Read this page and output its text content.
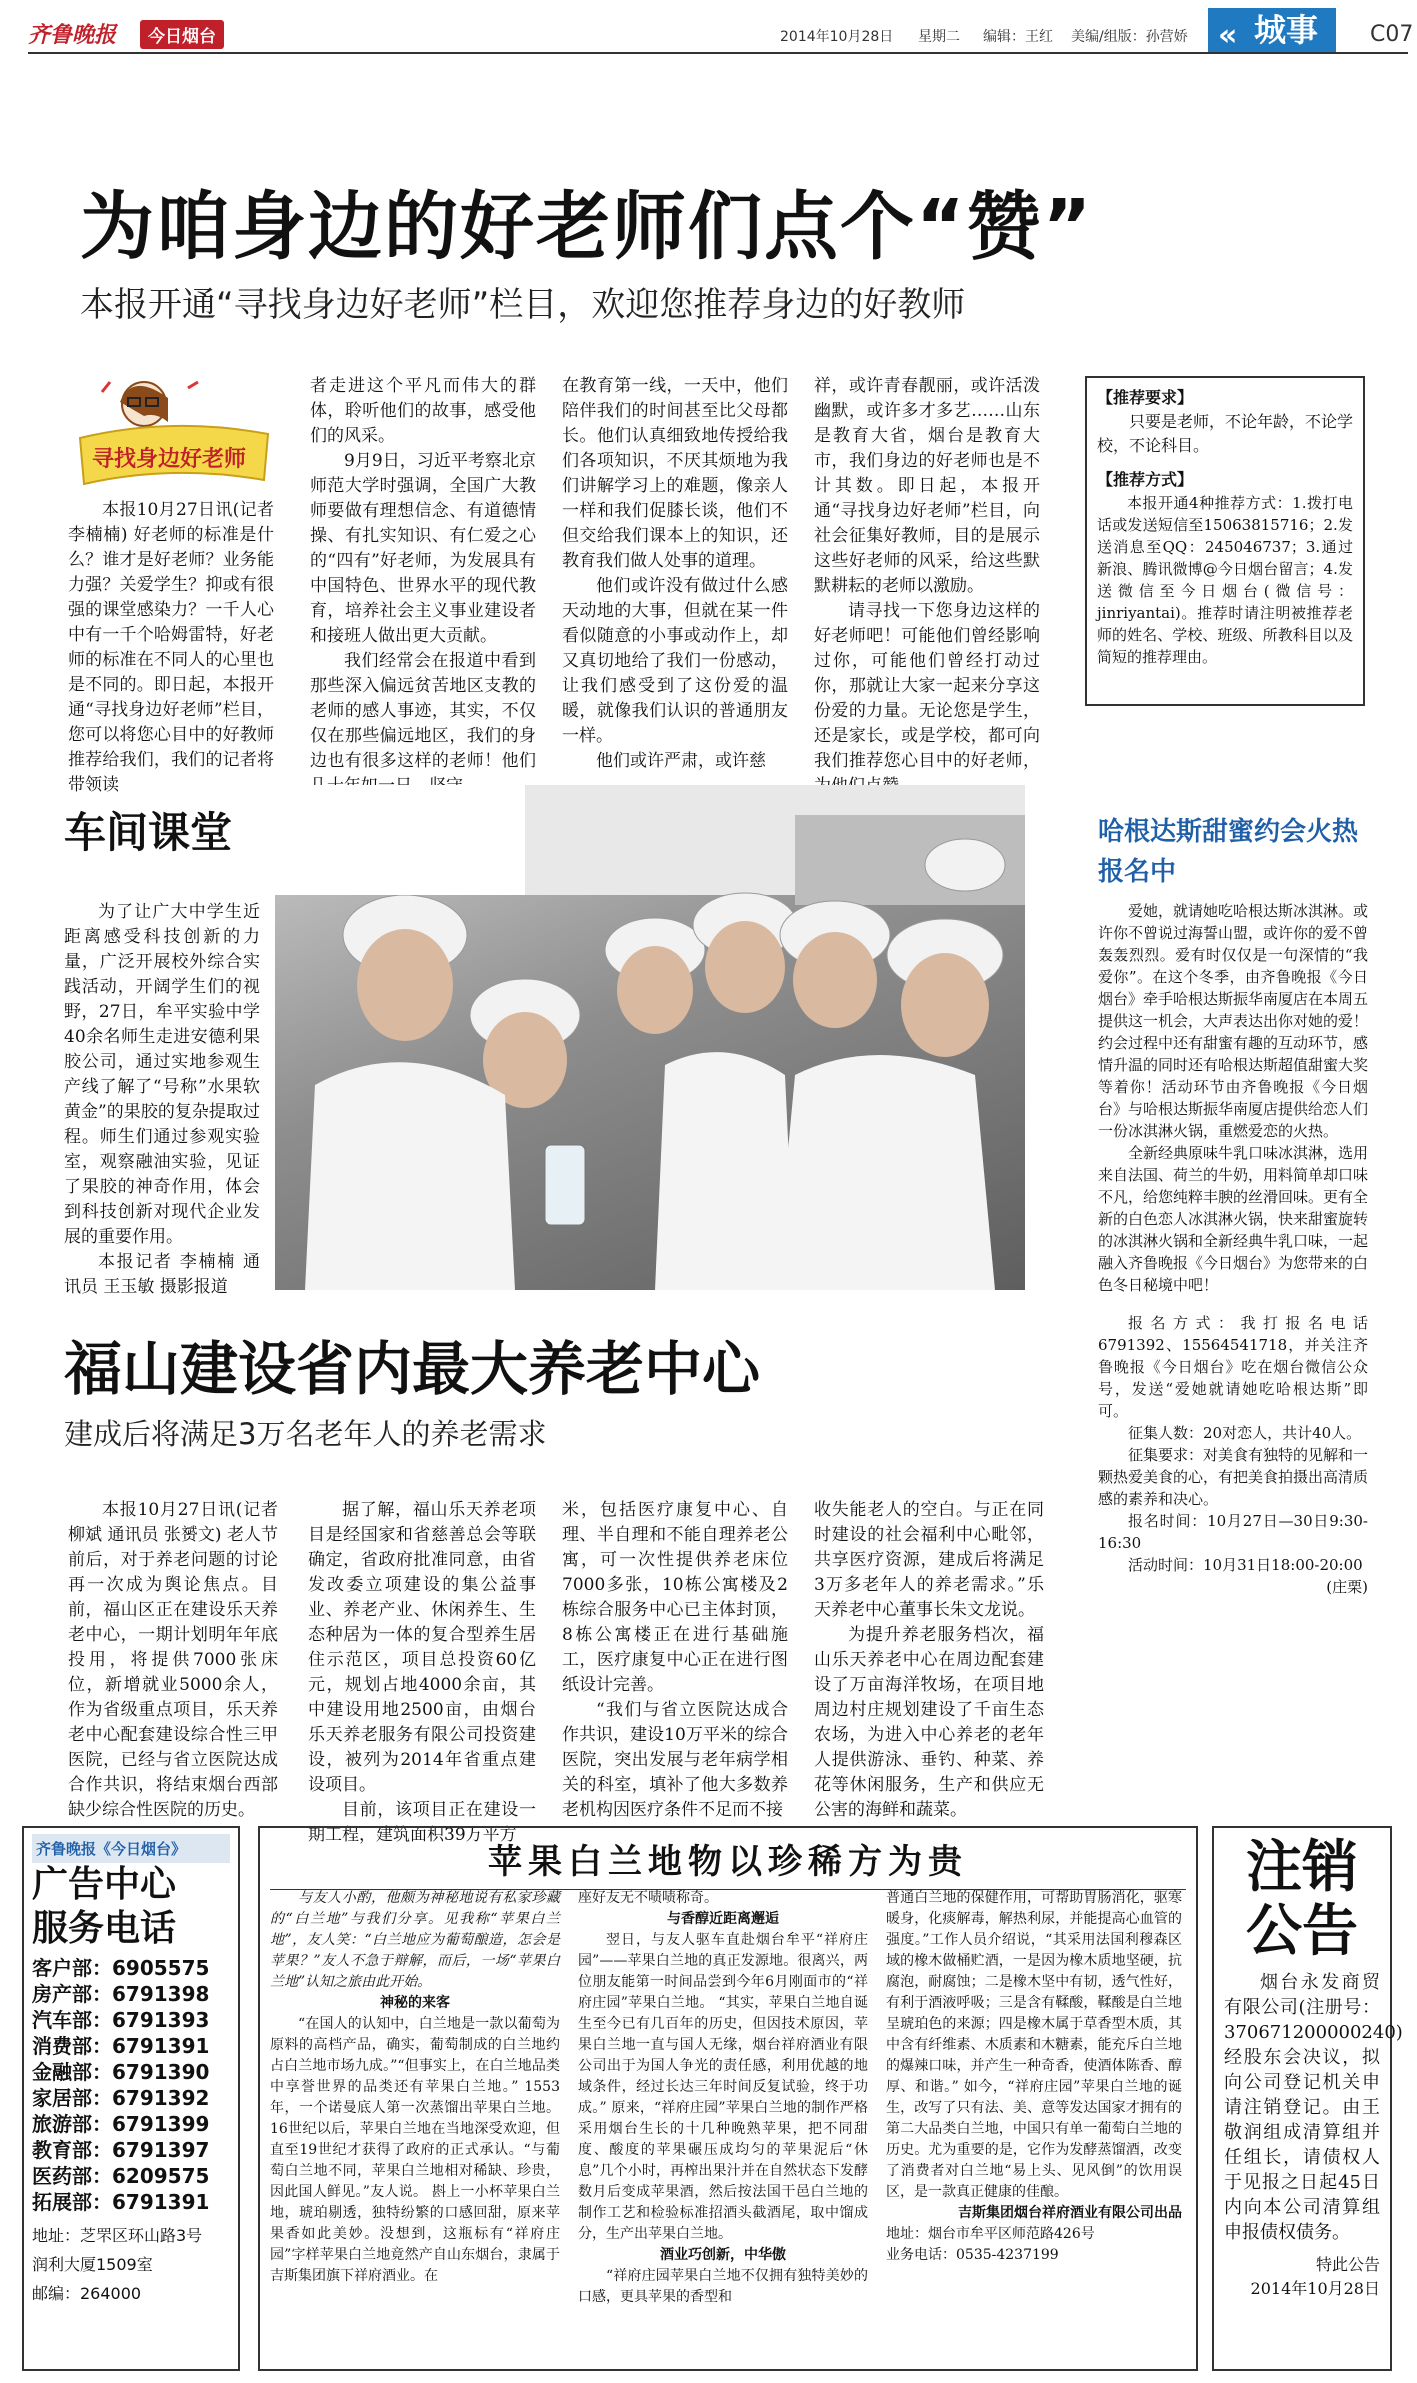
齐鲁晚报	今日烟台	2014年10月28日 星期二 编辑：王红 美编/组版：孙营娇 « 城事	C07
为咱身边的好老师们点个“赞”
本报开通“寻找身边好老师”栏目，欢迎您推荐身边的好教师
寻找身边好老师

本报10月27日讯(记者 李楠楠) 好老师的标准是什么？谁才是好老师？业务能力强？关爱学生？抑或有很强的课堂感染力？一千人心中有一千个哈姆雷特，好老师的标准在不同人的心里也是不同的。即日起，本报开通“寻找身边好老师”栏目，您可以将您心目中的好教师推荐给我们，我们的记者将带领读

者走进这个平凡而伟大的群体，聆听他们的故事，感受他们的风采。

9月9日，习近平考察北京师范大学时强调，全国广大教师要做有理想信念、有道德情操、有扎实知识、有仁爱之心的“四有”好老师，为发展具有中国特色、世界水平的现代教育，培养社会主义事业建设者和接班人做出更大贡献。

我们经常会在报道中看到那些深入偏远贫苦地区支教的老师的感人事迹，其实，不仅仅在那些偏远地区，我们的身边也有很多这样的老师！他们

在教育第一线，一天中，他们陪伴我们的时间甚至比父母都长。他们认真细致地传授给我们各项知识，不厌其烦地为我们讲解学习上的难题，像亲人一样和我们促膝长谈，他们不但交给我们课本上的知识，还教育我们做人处事的道理。

他们或许没有做过什么感天动地的大事，但就在某一件看似随意的小事或动作上，却又真切地给了我们一份感动，让我们感受到了这份爱的温暖，就像我们认识的普通朋友一样。

他们或许严肃，或许慈

祥，或许青春靓丽，或许活泼幽默，或许多才多艺……山东是教育大省，烟台是教育大市，我们身边的好老师也是不计其数。即日起，本报开通“寻找身边好老师”栏目，向社会征集好教师，目的是展示这些好老师的风采，给这些默默耕耘的老师以激励。

请寻找一下您身边这样的好老师吧！可能他们曾经影响过你，可能他们曾经打动过你，那就让大家一起来分享这份爱的力量。无论您是学生，还是家长，或是学校，都可向我们推荐您心目中的好老师，

【推荐要求】
只要是老师，不论年龄，不论学校，不论科目。
【推荐方式】
本报开通4种推荐方式：1.拨打电话或发送短信至15063815716；2.发送消息至QQ：245046737；3.通过新浪、腾讯微博@今日烟台留言；4.发送微信至今日烟台(微信号：jinriyantai)。推荐时请注明被推荐老师的姓名、学校、班级、所教科目以及简短的推荐理由。
车间课堂

为了让广大中学生近距离感受科技创新的力量，广泛开展校外综合实践活动，开阔学生们的视野，27日，牟平实验中学40余名师生走进安德利果胶公司，通过实地参观生产线了解了“号称”水果软黄金”的果胶的复杂提取过程。师生们通过参观实验室，观察融油实验，见证了果胶的神奇作用，体会到科技创新对现代企业发展的重要作用。

本报记者 李楠楠 通讯员 王玉敏 摄影报道

哈根达斯甜蜜约会火热报名中

爱她，就请她吃哈根达斯冰淇淋。或许你不曾说过海誓山盟，或许你的爱不曾轰轰烈烈。爱有时仅仅是一句深情的“我爱你”。在这个冬季，由齐鲁晚报《今日烟台》牵手哈根达斯振华南厦店在本周五提供这一机会，大声表达出你对她的爱！约会过程中还有甜蜜有趣的互动环节，感情升温的同时还有哈根达斯超值甜蜜大奖等着你！活动环节由齐鲁晚报《今日烟台》与哈根达斯振华南厦店提供给恋人们一份冰淇淋火锅，重燃爱恋的火热。

全新经典原味牛乳口味冰淇淋，选用来自法国、荷兰的牛奶，用料简单却口味不凡，给您纯粹丰腴的丝滑回味。更有全新的白色恋人冰淇淋火锅，快来甜蜜旋转的冰淇淋火锅和全新经典牛乳口味，一起融入齐鲁晚报《今日烟台》为您带来的白色冬日秘境中吧！

报名方式：我打报名电话6791392、15564541718，并关注齐鲁晚报《今日烟台》吃在烟台微信公众号，发送“爱她就请她吃哈根达斯”即可。

征集人数：20对恋人，共计40人。

征集要求：对美食有独特的见解和一颗热爱美食的心，有把美食拍摄出高清质感的素养和决心。

报名时间：10月27日—30日9:30-16:30

活动时间：10月31日18:00-20:00

(庄栗)

福山建设省内最大养老中心
建成后将满足3万名老年人的养老需求

本报10月27日讯(记者 柳斌 通讯员 张赟文) 老人节前后，对于养老问题的讨论再一次成为舆论焦点。目前，福山区正在建设乐天养老中心，一期计划明年年底投用，将提供7000张床位，新增就业5000余人，作为省级重点项目，乐天养老中心配套建设综合性三甲医院，已经与省立医院达成合作共识，将结束烟台西部缺少综合性医院的历史。

据了解，福山乐天养老项目是经国家和省慈善总会等联确定，省政府批准同意，由省发改委立项建设的集公益事业、养老产业、休闲养生、生态种居为一体的复合型养生居住示范区，项目总投资60亿元，规划占地4000余亩，其中建设用地2500亩，由烟台乐天养老服务有限公司投资建设，被列为2014年省重点建设项目。

目前，该项目正在建设一期工程，建筑面积39万平方

米，包括医疗康复中心、自理、半自理和不能自理养老公寓，可一次性提供养老床位7000多张，10栋公寓楼及2栋综合服务中心已主体封顶，8栋公寓楼正在进行基础施工，医疗康复中心正在进行图纸设计完善。

“我们与省立医院达成合作共识，建设10万平米的综合医院，突出发展与老年病学相关的科室，填补了他大多数养老机构因医疗条件不足而不接

收失能老人的空白。与正在同时建设的社会福利中心毗邻，共享医疗资源，建成后将满足3万多老年人的养老需求。”乐天养老中心董事长朱文龙说。

为提升养老服务档次，福山乐天养老中心在周边配套建设了万亩海洋牧场，在项目地周边村庄规划建设了千亩生态农场，为进入中心养老的老年人提供游泳、垂钓、种菜、养花等休闲服务，生产和供应无公害的海鲜和蔬菜。

齐鲁晚报《今日烟台》
广告中心
服务电话
客户部 ： 6905575
房产部 ： 6791398
汽车部 ： 6791393
消费部 ： 6791391
金融部 ： 6791390
家居部 ： 6791392
旅游部 ： 6791399
教育部 ： 6791397
医药部 ： 6209575
拓展部 ： 6791391
地址：芝罘区环山路3号
润利大厦1509室
邮编：264000
苹果白兰地物以珍稀方为贵

与友人小酌，他颇为神秘地说有私家珍藏的“白兰地”与我们分享。见我称“苹果白兰地”，友人笑：“白兰地应为葡萄酿造，怎会是苹果？”友人不急于辩解，而后，一场“苹果白兰地”认知之旅由此开始。

神秘的来客

“在国人的认知中，白兰地是一款以葡萄为原料的高档产品，确实，葡萄制成的白兰地约占白兰地市场九成。”“但事实上，在白兰地品类中享誉世界的品类还有苹果白兰地。” 1553年，一个诺曼底人第一次蒸馏出苹果白兰地。16世纪以后，苹果白兰地在当地深受欢迎，但直至19世纪才获得了政府的正式承认。“与葡萄白兰地不同，苹果白兰地相对稀缺、珍贵，因此国人鲜见。”友人说。 斟上一小杯苹果白兰地，琥珀剔透，独特纷繁的口感回甜，原来苹果香如此美妙。没想到，这瓶标有“祥府庄园”字样苹果白兰地竟然产自山东烟台，隶属于吉斯集团旗下祥府酒业。在

座好友无不啧啧称奇。

与香醇近距离邂逅

翌日，与友人驱车直赴烟台牟平“祥府庄园”——苹果白兰地的真正发源地。很离兴，两位朋友能第一时间品尝到今年6月刚面市的“祥府庄园”苹果白兰地。 “其实，苹果白兰地自诞生至今已有几百年的历史，但因技术原因，苹果白兰地一直与国人无缘，烟台祥府酒业有限公司出于为国人争光的责任感，利用优越的地域条件，经过长达三年时间反复试验，终于功成。” 原来，“祥府庄园”苹果白兰地的制作严格采用烟台生长的十几种晚熟苹果，把不同甜度、酸度的苹果碾压成均匀的苹果泥后“休息”几个小时，再榨出果汁并在自然状态下发酵数月后变成苹果酒，然后按法国干邑白兰地的制作工艺和检验标准招酒头截酒尾，取中馏成分，生产出苹果白兰地。

酒业巧创新，中华傲

“祥府庄园苹果白兰地不仅拥有独特美妙的口感，更具苹果的香型和

普通白兰地的保健作用，可帮助胃肠消化，驱寒暖身，化痰解毒，解热利尿，并能提高心血管的强度。”工作人员介绍说，“其采用法国利穆森区域的橡木做桶贮酒，一是因为橡木质地坚硬，抗腐泡，耐腐蚀；二是橡木坚中有韧，透气性好，有利于酒液呼吸；三是含有鞣酸，鞣酸是白兰地呈琥珀色的来源；四是橡木属于草香型木质，其中含有纤维素、木质素和木糖素，能充斥白兰地的爆辣口味，并产生一种奇香，使酒体陈香、醇厚、和谐。” 如今，“祥府庄园”苹果白兰地的诞生，改写了只有法、美、意等发达国家才拥有的第二大品类白兰地，中国只有单一葡萄白兰地的历史。尤为重要的是，它作为发酵蒸馏酒，改变了消费者对白兰地“易上头、见风倒”的饮用误区，是一款真正健康的佳酿。

吉斯集团烟台祥府酒业有限公司出品

地址：烟台市牟平区师范路426号

业务电话：0535-4237199

注销
公告
烟台永发商贸有限公司(注册号：370671200000240)经股东会决议，拟向公司登记机关申请注销登记。由王敬润组成清算组并任组长，请债权人于见报之日起45日内向本公司清算组申报债权债务。
特此公告
2014年10月28日
